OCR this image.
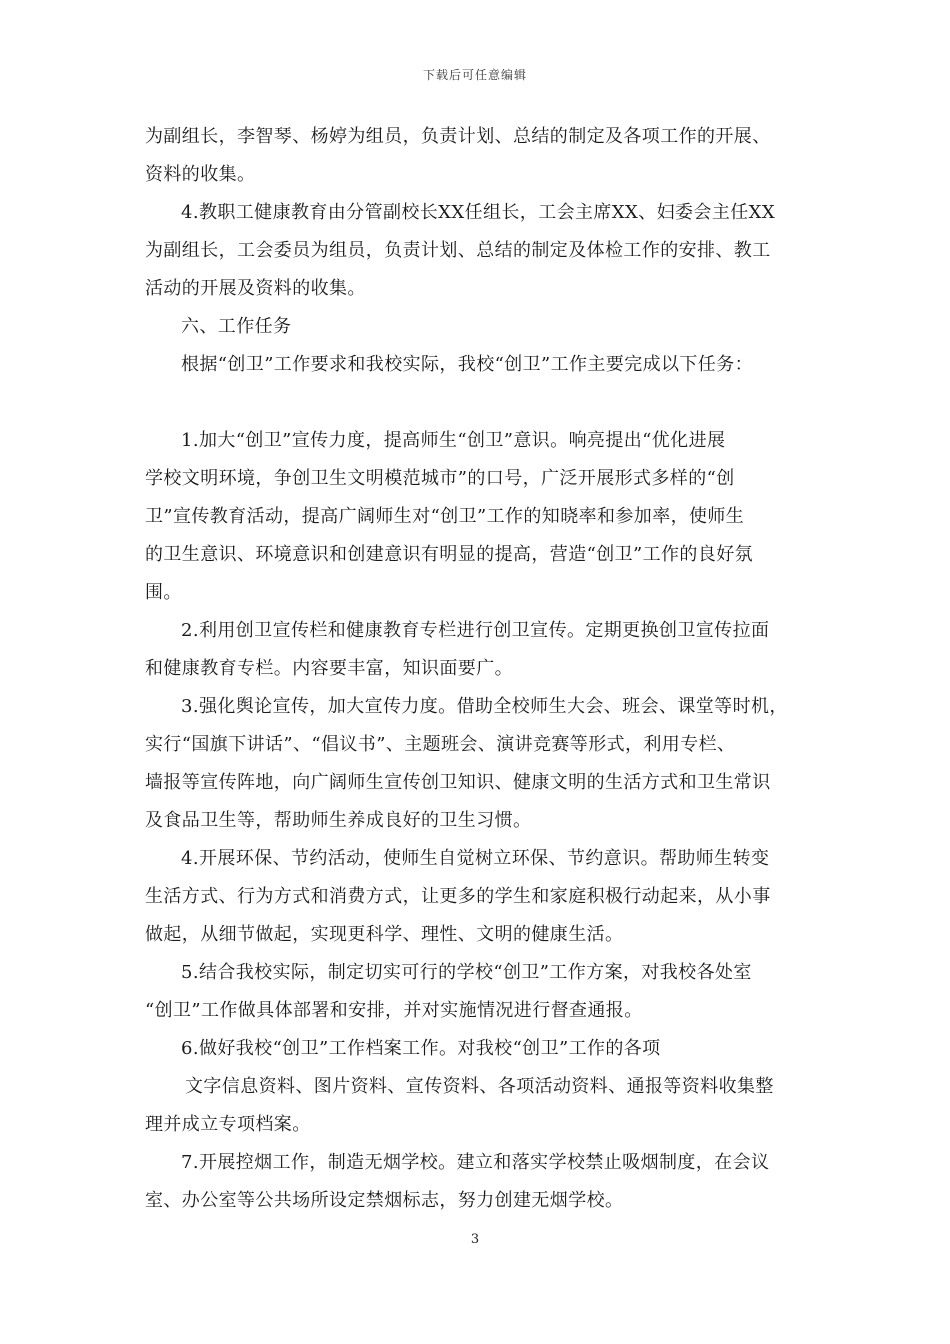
下载后可任意编辑
为副组长，李智琴、杨婷为组员，负责计划、总结的制定及各项工作的开展、
资料的收集。
4.教职工健康教育由分管副校长XX任组长，工会主席XX、妇委会主任XX
为副组长，工会委员为组员，负责计划、总结的制定及体检工作的安排、教工
活动的开展及资料的收集。
六、工作任务
根据“创卫”工作要求和我校实际，我校“创卫”工作主要完成以下任务：
1.加大“创卫”宣传力度，提高师生“创卫”意识。响亮提出“优化进展
学校文明环境，争创卫生文明模范城市”的口号，广泛开展形式多样的“创
卫”宣传教育活动，提高广阔师生对“创卫”工作的知晓率和参加率，使师生
的卫生意识、环境意识和创建意识有明显的提高，营造“创卫”工作的良好氛
围。
2.利用创卫宣传栏和健康教育专栏进行创卫宣传。定期更换创卫宣传拉面
和健康教育专栏。内容要丰富，知识面要广。
3.强化舆论宣传，加大宣传力度。借助全校师生大会、班会、课堂等时机，
实行“国旗下讲话”、“倡议书”、主题班会、演讲竞赛等形式，利用专栏、
墙报等宣传阵地，向广阔师生宣传创卫知识、健康文明的生活方式和卫生常识
及食品卫生等，帮助师生养成良好的卫生习惯。
4.开展环保、节约活动，使师生自觉树立环保、节约意识。帮助师生转变
生活方式、行为方式和消费方式，让更多的学生和家庭积极行动起来，从小事
做起，从细节做起，实现更科学、理性、文明的健康生活。
5.结合我校实际，制定切实可行的学校“创卫”工作方案，对我校各处室
“创卫”工作做具体部署和安排，并对实施情况进行督查通报。
6.做好我校“创卫”工作档案工作。对我校“创卫”工作的各项
文字信息资料、图片资料、宣传资料、各项活动资料、通报等资料收集整
理并成立专项档案。
7.开展控烟工作，制造无烟学校。建立和落实学校禁止吸烟制度，在会议
室、办公室等公共场所设定禁烟标志，努力创建无烟学校。
3
